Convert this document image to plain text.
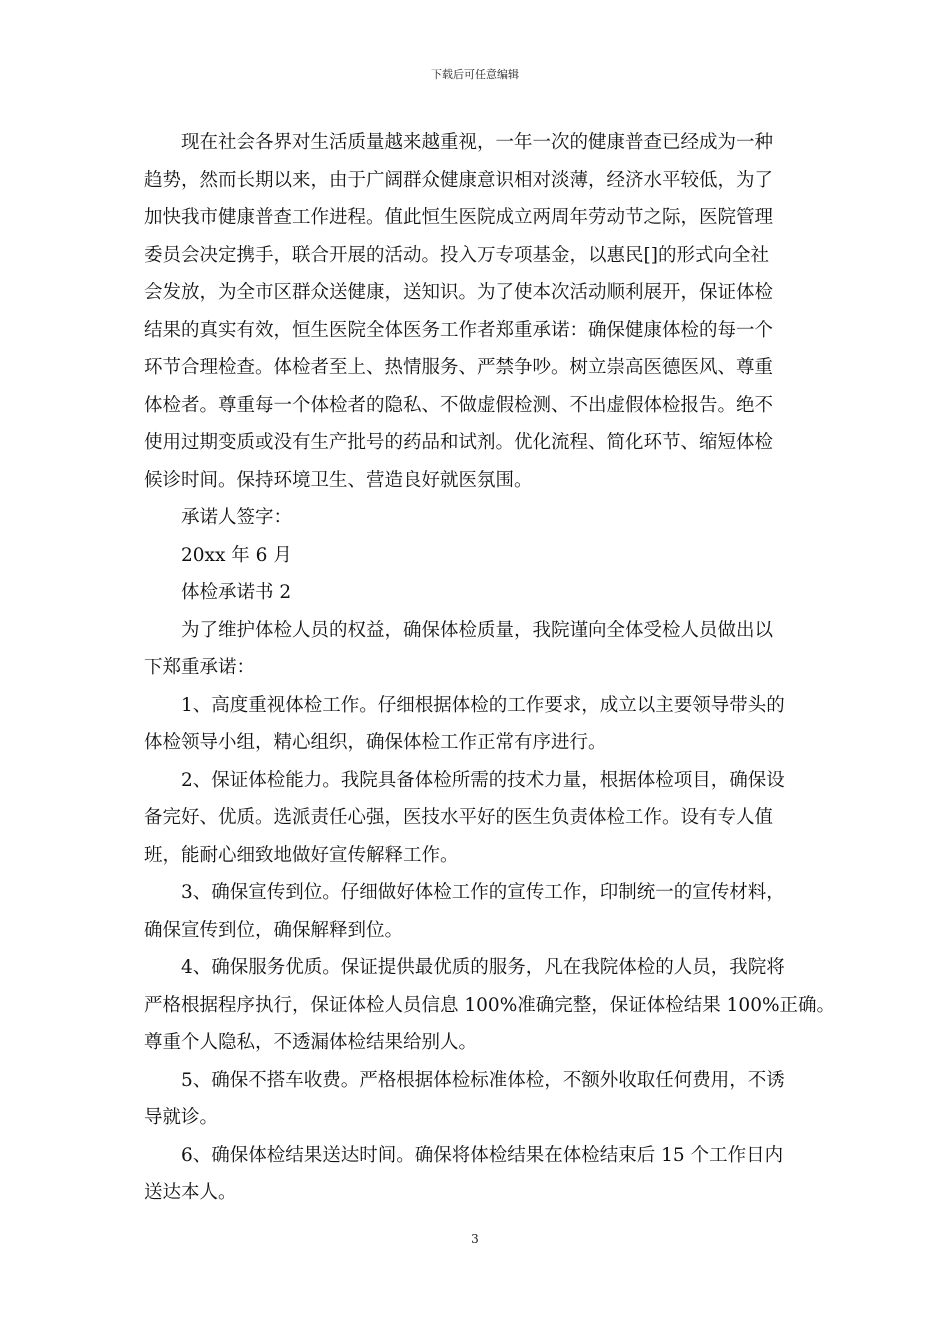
下载后可任意编辑
现在社会各界对生活质量越来越重视，一年一次的健康普查已经成为一种
趋势，然而长期以来，由于广阔群众健康意识相对淡薄，经济水平较低，为了
加快我市健康普查工作进程。值此恒生医院成立两周年劳动节之际，医院管理
委员会决定携手，联合开展的活动。投入万专项基金，以惠民[]的形式向全社
会发放，为全市区群众送健康，送知识。为了使本次活动顺利展开，保证体检
结果的真实有效，恒生医院全体医务工作者郑重承诺：确保健康体检的每一个
环节合理检查。体检者至上、热情服务、严禁争吵。树立崇高医德医风、尊重
体检者。尊重每一个体检者的隐私、不做虚假检测、不出虚假体检报告。绝不
使用过期变质或没有生产批号的药品和试剂。优化流程、简化环节、缩短体检
候诊时间。保持环境卫生、营造良好就医氛围。
承诺人签字：
20xx 年 6 月
体检承诺书 2
为了维护体检人员的权益，确保体检质量，我院谨向全体受检人员做出以
下郑重承诺：
1、高度重视体检工作。仔细根据体检的工作要求，成立以主要领导带头的
体检领导小组，精心组织，确保体检工作正常有序进行。
2、保证体检能力。我院具备体检所需的技术力量，根据体检项目，确保设
备完好、优质。选派责任心强，医技水平好的医生负责体检工作。设有专人值
班，能耐心细致地做好宣传解释工作。
3、确保宣传到位。仔细做好体检工作的宣传工作，印制统一的宣传材料，
确保宣传到位，确保解释到位。
4、确保服务优质。保证提供最优质的服务，凡在我院体检的人员，我院将
严格根据程序执行，保证体检人员信息 100%准确完整，保证体检结果 100%正确。
尊重个人隐私，不透漏体检结果给别人。
5、确保不搭车收费。严格根据体检标准体检，不额外收取任何费用，不诱
导就诊。
6、确保体检结果送达时间。确保将体检结果在体检结束后 15 个工作日内
送达本人。
3
